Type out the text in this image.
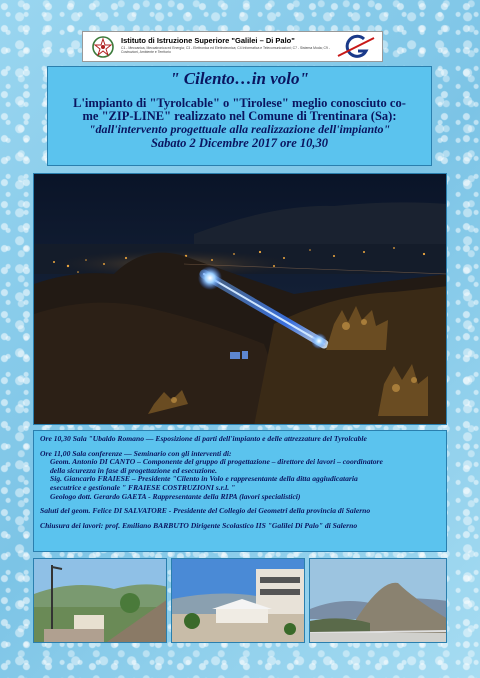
Istituto di Istruzione Superiore "Galilei – Di Palo"
C1 - Meccanica, Meccatronica ed Energia; C3 - Elettronica ed Elettrotecnica; C4 Informatica e Telecomunicazioni; C7 - Sistema Moda; C9 - Costruzioni, Ambiente e Territorio
" Cilento…in volo"
L'impianto di "Tyrolcable" o "Tirolese" meglio conosciuto co-
me "ZIP-LINE" realizzato nel Comune di Trentinara (Sa):
"dall'intervento progettuale alla realizzazione dell'impianto"
Sabato 2 Dicembre 2017 ore 10,30

Ore 10,30 Sala "Ubaldo Romano — Esposizione di parti dell'impianto e delle attrezzature del Tyrolcable

Ore 11,00 Sala conferenze — Seminario con gli interventi di:

Geom. Antonio DI CANTO – Componente del gruppo di progettazione – direttore dei lavori – coordinatore

della sicurezza in fase di progettazione ed esecuzione.

Sig. Giancarlo FRAIESE – Presidente "Cilento in Volo e rappresentante della ditta aggiudicataria

esecutrice e gestionale " FRAIESE COSTRUZIONI s.r.l. "

Geologo dott. Gerardo GAETA - Rappresentante della RIPA (lavori specialistici)

Saluti del geom. Felice DI SALVATORE - Presidente del Collegio dei Geometri della provincia di Salerno

Chiusura dei lavori: prof. Emiliano BARBUTO Dirigente Scolastico IIS "Galilei Di Palo" di Salerno
